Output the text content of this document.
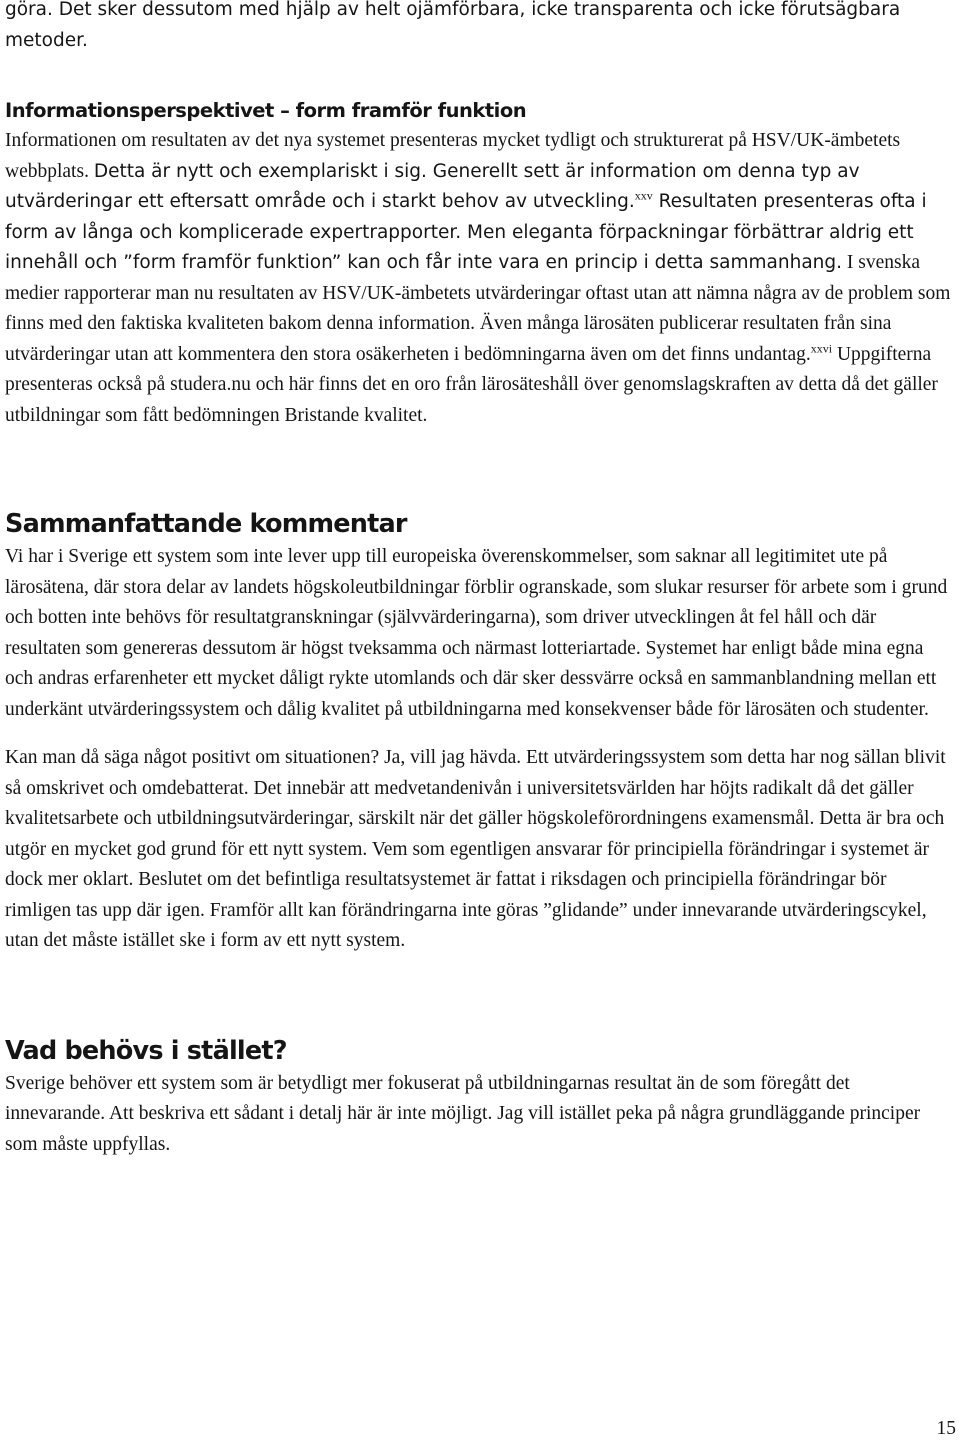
göra. Det sker dessutom med hjälp av helt ojämförbara, icke transparenta och icke förutsägbara metoder.

Informationsperspektivet – form framför funktion

Informationen om resultaten av det nya systemet presenteras mycket tydligt och strukturerat på HSV/UK-ämbetets webbplats. Detta är nytt och exemplariskt i sig. Generellt sett är information om denna typ av utvärderingar ett eftersatt område och i starkt behov av utveckling.$^{xxv}$ Resultaten presenteras ofta i form av långa och komplicerade expertrapporter. Men eleganta förpackningar förbättrar aldrig ett innehåll och ”form framför funktion” kan och får inte vara en princip i detta sammanhang. I svenska medier rapporterar man nu resultaten av HSV/UK-ämbetets utvärderingar oftast utan att nämna några av de problem som finns med den faktiska kvaliteten bakom denna information. Även många lärosäten publicerar resultaten från sina utvärderingar utan att kommentera den stora osäkerheten i bedömningarna även om det finns undantag.$^{xxvi}$ Uppgifterna presenteras också på studera.nu och här finns det en oro från lärosäteshåll över genomslagskraften av detta då det gäller utbildningar som fått bedömningen Bristande kvalitet.

Sammanfattande kommentar

Vi har i Sverige ett system som inte lever upp till europeiska överenskommelser, som saknar all legitimitet ute på lärosätena, där stora delar av landets högskoleutbildningar förblir ogranskade, som slukar resurser för arbete som i grund och botten inte behövs för resultatgranskningar (självvärderingarna), som driver utvecklingen åt fel håll och där resultaten som genereras dessutom är högst tveksamma och närmast lotteriartade. Systemet har enligt både mina egna och andras erfarenheter ett mycket dåligt rykte utomlands och där sker dessvärre också en sammanblandning mellan ett underkänt utvärderingssystem och dålig kvalitet på utbildningarna med konsekvenser både för lärosäten och studenter.

Kan man då säga något positivt om situationen? Ja, vill jag hävda. Ett utvärderingssystem som detta har nog sällan blivit så omskrivet och omdebatterat. Det innebär att medvetandenivån i universitetsvärlden har höjts radikalt då det gäller kvalitetsarbete och utbildningsutvärderingar, särskilt när det gäller högskoleförordningens examensmål. Detta är bra och utgör en mycket god grund för ett nytt system. Vem som egentligen ansvarar för principiella förändringar i systemet är dock mer oklart. Beslutet om det befintliga resultatsystemet är fattat i riksdagen och principiella förändringar bör rimligen tas upp där igen. Framför allt kan förändringarna inte göras ”glidande” under innevarande utvärderingscykel, utan det måste istället ske i form av ett nytt system.

Vad behövs i stället?

Sverige behöver ett system som är betydligt mer fokuserat på utbildningarnas resultat än de som föregått det innevarande. Att beskriva ett sådant i detalj här är inte möjligt. Jag vill istället peka på några grundläggande principer som måste uppfyllas.

15
